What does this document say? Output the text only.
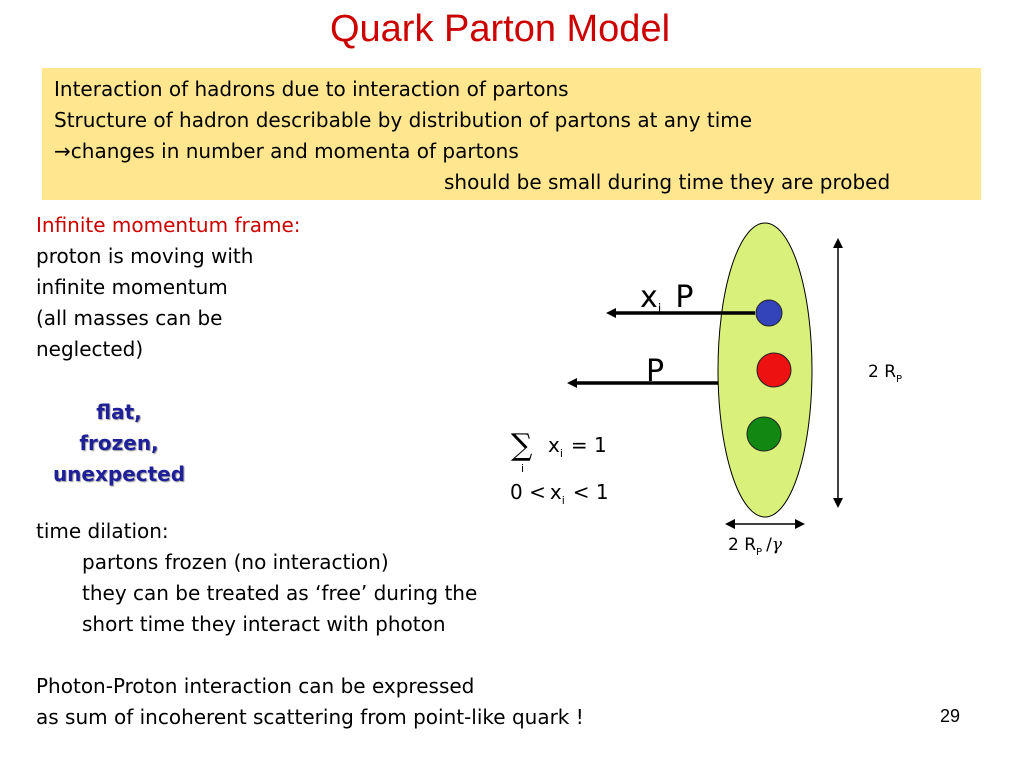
Quark Parton Model
Interaction of hadrons due to interaction of partons
Structure of hadron describable by distribution of partons at any time
→changes in number and momenta of partons
should be small during time they are probed
Infinite momentum frame:
proton is moving with
infinite momentum
(all masses can be
neglected)
flat,
frozen,
unexpected
time dilation:
partons frozen (no interaction)
they can be treated as ‘free’ during the
short time they interact with photon
Photon-Proton interaction can be expressed
as sum of incoherent scattering from point-like quark !
$x_i$ P
P	2 $R_P$
2 $R_P$ /γ
∑
i
$x_i = 1$
$0 < x_i < 1$
29
